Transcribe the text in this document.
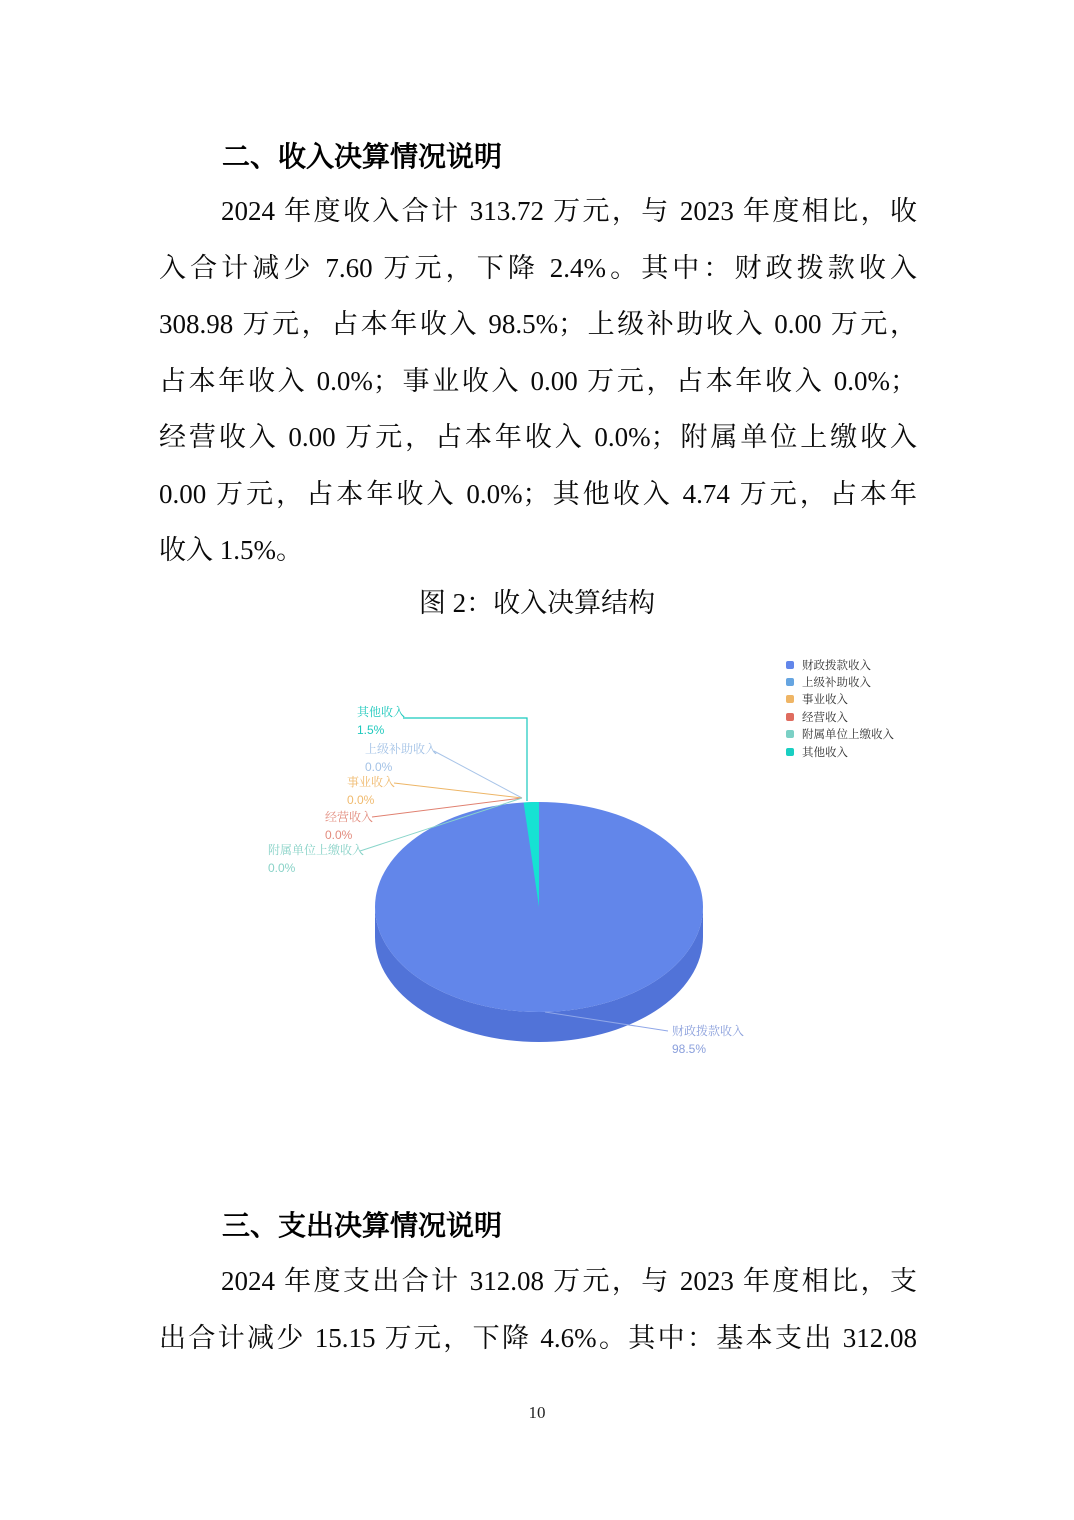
二、收入决算情况说明
2024 年度收入合计 313.72 万元，与 2023 年度相比，收
入合计减少 7.60 万元，下降 2.4%。其中：财政拨款收入
308.98 万元，占本年收入 98.5%；上级补助收入 0.00 万元，
占本年收入 0.0%；事业收入 0.00 万元，占本年收入 0.0%；
经营收入 0.00 万元，占本年收入 0.0%；附属单位上缴收入
0.00 万元，占本年收入 0.0%；其他收入 4.74 万元，占本年
收入 1.5%。
图 2：收入决算结构
其他收入
1.5%
上级补助收入
0.0%
事业收入
0.0%
经营收入
0.0%
附属单位上缴收入
0.0%
财政拨款收入
98.5%
财政拨款收入
上级补助收入
事业收入
经营收入
附属单位上缴收入
其他收入
三、支出决算情况说明
2024 年度支出合计 312.08 万元，与 2023 年度相比，支
出合计减少 15.15 万元，下降 4.6%。其中：基本支出 312.08
10
